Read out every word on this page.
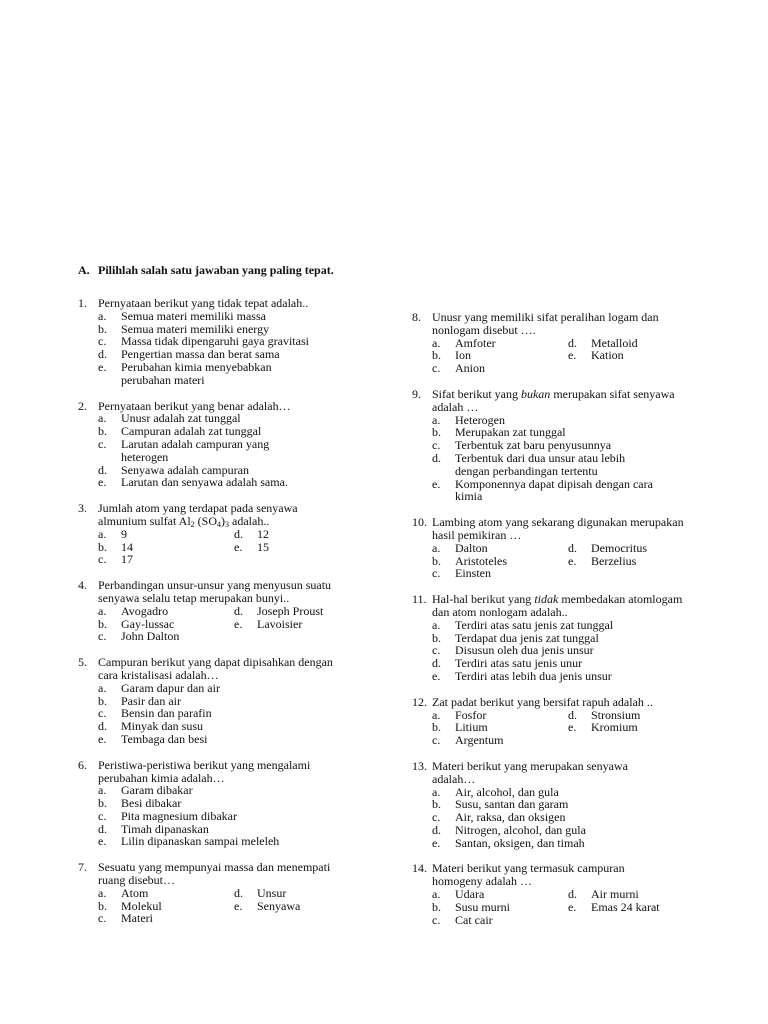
A. Pilihlah salah satu jawaban yang paling tepat.
1. Pernyataan berikut yang tidak tepat adalah..
a.	Semua materi memiliki massa
b.	Semua materi memiliki energy
c.	Massa tidak dipengaruhi gaya gravitasi
d.	Pengertian massa dan berat sama
e.	Perubahan kimia menyebabkan perubahan materi
2. Pernyataan berikut yang benar adalah…
a.	Unusr adalah zat tunggal
b.	Campuran adalah zat tunggal
c.	Larutan adalah campuran yang heterogen
d.	Senyawa adalah campuran
e.	Larutan dan senyawa adalah sama.
3. Jumlah atom yang terdapat pada senyawa almunium sulfat $Al_2$ $(SO_4)_3$ adalah..
a.	9	d.	12
b.	14	e.	15
c.	17
4. Perbandingan unsur-unsur yang menyusun suatu senyawa selalu tetap merupakan bunyi..
a.	Avogadro	d.	Joseph Proust
b.	Gay-lussac	e.	Lavoisier
c.	John Dalton
5. Campuran berikut yang dapat dipisahkan dengan cara kristalisasi adalah…
a.	Garam dapur dan air
b.	Pasir dan air
c.	Bensin dan parafin
d.	Minyak dan susu
e.	Tembaga dan besi
6. Peristiwa-peristiwa berikut yang mengalami perubahan kimia adalah…
a.	Garam dibakar
b.	Besi dibakar
c.	Pita magnesium dibakar
d.	Timah dipanaskan
e.	Lilin dipanaskan sampai meleleh
7. Sesuatu yang mempunyai massa dan menempati ruang disebut…
a.	Atom	d.	Unsur
b.	Molekul	e.	Senyawa
c.	Materi
8. Unusr yang memiliki sifat peralihan logam dan nonlogam disebut ….
a.	Amfoter	d.	Metalloid
b.	Ion	e.	Kation
c.	Anion
9. Sifat berikut yang bukan merupakan sifat senyawa adalah …
a.	Heterogen
b.	Merupakan zat tunggal
c.	Terbentuk zat baru penyusunnya
d.	Terbentuk dari dua unsur atau lebih dengan perbandingan tertentu
e.	Komponennya dapat dipisah dengan cara kimia
10. Lambing atom yang sekarang digunakan merupakan hasil pemikiran …
a.	Dalton	d.	Democritus
b.	Aristoteles	e.	Berzelius
c.	Einsten
11. Hal-hal berikut yang tidak membedakan atomlogam dan atom nonlogam adalah..
a.	Terdiri atas satu jenis zat tunggal
b.	Terdapat dua jenis zat tunggal
c.	Disusun oleh dua jenis unsur
d.	Terdiri atas satu jenis unur
e.	Terdiri atas lebih dua jenis unsur
12. Zat padat berikut yang bersifat rapuh adalah ..
a.	Fosfor	d.	Stronsium
b.	Litium	e.	Kromium
c.	Argentum
13. Materi berikut yang merupakan senyawa adalah…
a.	Air, alcohol, dan gula
b.	Susu, santan dan garam
c.	Air, raksa, dan oksigen
d.	Nitrogen, alcohol, dan gula
e.	Santan, oksigen, dan timah
14. Materi berikut yang termasuk campuran homogeny adalah …
a.	Udara	d.	Air murni
b.	Susu murni	e.	Emas 24 karat
c.	Cat cair
